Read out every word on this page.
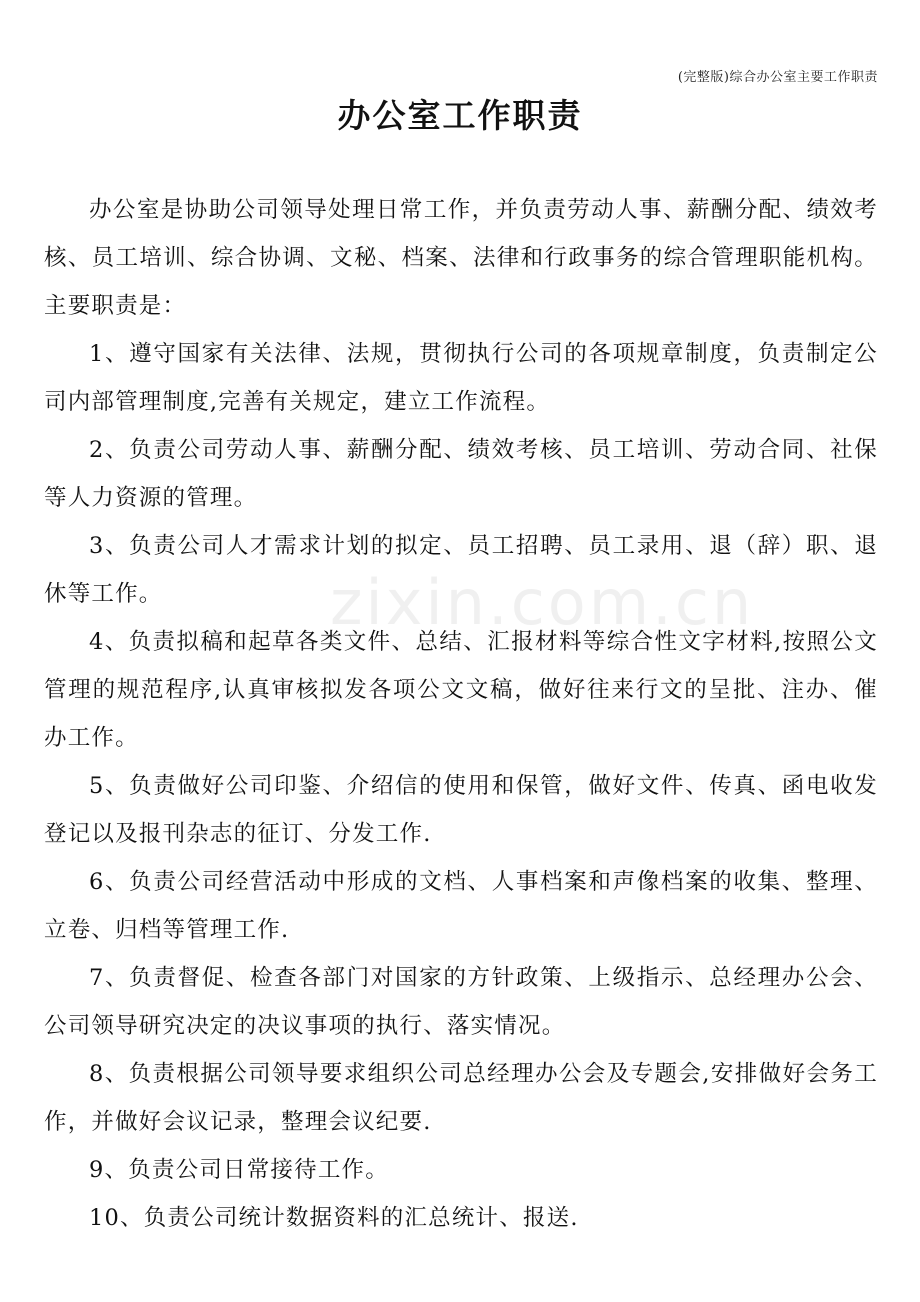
(完整版)综合办公室主要工作职责
办公室工作职责
zixin.com.cn

办公室是协助公司领导处理日常工作，并负责劳动人事、薪酬分配、绩效考核、员工培训、综合协调、文秘、档案、法律和行政事务的综合管理职能机构。主要职责是：

1、遵守国家有关法律、法规，贯彻执行公司的各项规章制度，负责制定公司内部管理制度,完善有关规定，建立工作流程。

2、负责公司劳动人事、薪酬分配、绩效考核、员工培训、劳动合同、社保等人力资源的管理。

3、负责公司人才需求计划的拟定、员工招聘、员工录用、退（辞）职、退休等工作。

4、负责拟稿和起草各类文件、总结、汇报材料等综合性文字材料,按照公文管理的规范程序,认真审核拟发各项公文文稿，做好往来行文的呈批、注办、催办工作。

5、负责做好公司印鉴、介绍信的使用和保管，做好文件、传真、函电收发登记以及报刊杂志的征订、分发工作.

6、负责公司经营活动中形成的文档、人事档案和声像档案的收集、整理、立卷、归档等管理工作.

7、负责督促、检查各部门对国家的方针政策、上级指示、总经理办公会、公司领导研究决定的决议事项的执行、落实情况。

8、负责根据公司领导要求组织公司总经理办公会及专题会,安排做好会务工作，并做好会议记录，整理会议纪要.

9、负责公司日常接待工作。

10、负责公司统计数据资料的汇总统计、报送.
